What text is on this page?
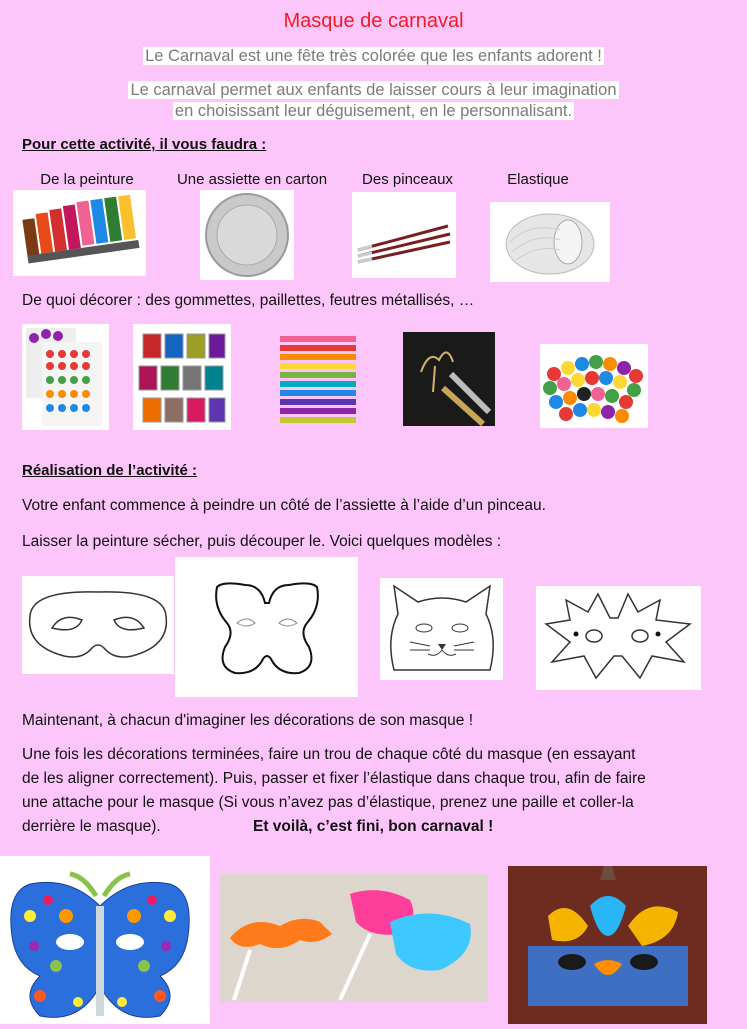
Masque de carnaval
Le Carnaval est une fête très colorée que les enfants adorent !
Le carnaval permet aux enfants de laisser cours à leur imagination
en choisissant leur déguisement, en le personnalisant.
Pour cette activité, il vous faudra :
De la peinture	Une assiette en carton	Des pinceaux	Elastique
De quoi décorer : des gommettes, paillettes, feutres métallisés, …
Réalisation de l’activité :
Votre enfant commence à peindre un côté de l’assiette à l’aide d’un pinceau.
Laisser la peinture sécher, puis découper le. Voici quelques modèles :
Maintenant, à chacun d'imaginer les décorations de son masque !
Une fois les décorations terminées, faire un trou de chaque côté du masque (en essayant
de les aligner correctement). Puis, passer et fixer l’élastique dans chaque trou, afin de faire
une attache pour le masque (Si vous n’avez pas d’élastique, prenez une paille et coller-la
derrière le masque).	Et voilà, c’est fini, bon carnaval !
